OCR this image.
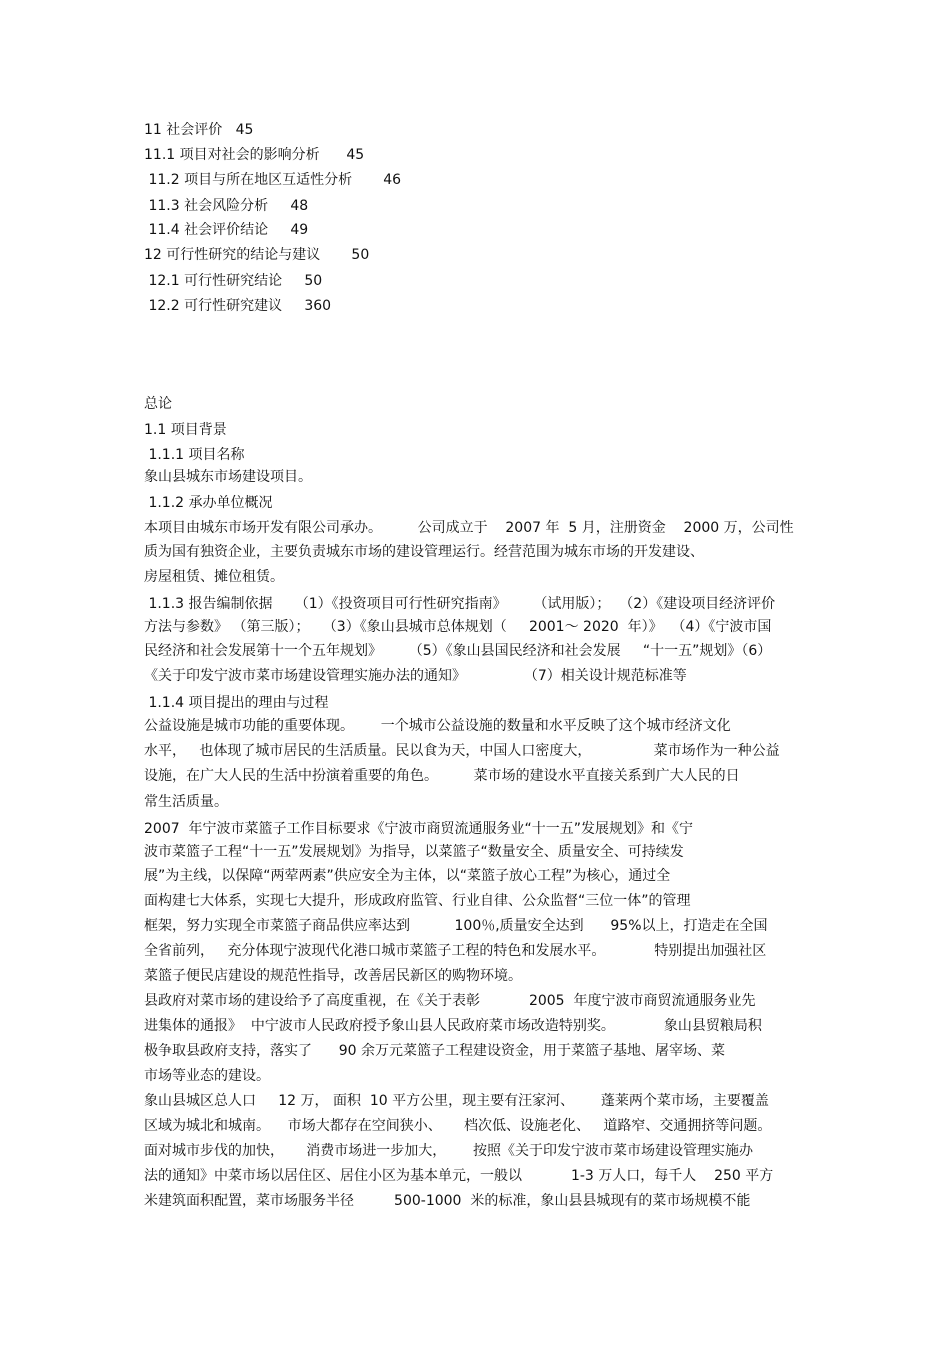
11 社会评价   45
11.1 项目对社会的影响分析      45
11.2 项目与所在地区互适性分析       46
11.3 社会风险分析     48
11.4 社会评价结论     49
12 可行性研究的结论与建议       50
12.1 可行性研究结论     50
12.2 可行性研究建议     360
总论
1.1 项目背景
1.1.1 项目名称
象山县城东市场建设项目。
1.1.2 承办单位概况
本项目由城东市场开发有限公司承办。        公司成立于    2007 年  5 月，注册资金    2000 万，公司性
质为国有独资企业，主要负责城东市场的建设管理运行。经营范围为城东市场的开发建设、
房屋租赁、摊位租赁。
1.1.3 报告编制依据     （1）《投资项目可行性研究指南》      （试用版）；  （2）《建设项目经济评价
方法与参数》 （第三版）；   （3）《象山县城市总体规划（     2001～ 2020  年）》  （4）《宁波市国
民经济和社会发展第十一个五年规划》      （5）《象山县国民经济和社会发展     “十一五”规划》（6）
《关于印发宁波市菜市场建设管理实施办法的通知》             （7）相关设计规范标准等
1.1.4 项目提出的理由与过程
公益设施是城市功能的重要体现。      一个城市公益设施的数量和水平反映了这个城市经济文化
水平，   也体现了城市居民的生活质量。民以食为天，中国人口密度大，              菜市场作为一种公益
设施，在广大人民的生活中扮演着重要的角色。        菜市场的建设水平直接关系到广大人民的日
常生活质量。
2007  年宁波市菜篮子工作目标要求《宁波市商贸流通服务业“十一五”发展规划》和《宁
波市菜篮子工程“十一五”发展规划》为指导，以菜篮子“数量安全、质量安全、可持续发
展”为主线，以保障“两荤两素”供应安全为主体，以“菜篮子放心工程”为核心，通过全
面构建七大体系，实现七大提升，形成政府监管、行业自律、公众监督“三位一体”的管理
框架，努力实现全市菜篮子商品供应率达到          100％,质量安全达到      95%以上，打造走在全国
全省前列，   充分体现宁波现代化港口城市菜篮子工程的特色和发展水平。           特别提出加强社区
菜篮子便民店建设的规范性指导，改善居民新区的购物环境。
县政府对菜市场的建设给予了高度重视，在《关于表彰           2005  年度宁波市商贸流通服务业先
进集体的通报》  中宁波市人民政府授予象山县人民政府菜市场改造特别奖。           象山县贸粮局积
极争取县政府支持，落实了      90 余万元菜篮子工程建设资金，用于菜篮子基地、屠宰场、菜
市场等业态的建设。
象山县城区总人口     12 万， 面积  10 平方公里，现主要有汪家河、      蓬莱两个菜市场，主要覆盖
区域为城北和城南。    市场大都存在空间狭小、     档次低、设施老化、   道路窄、交通拥挤等问题。
面对城市步伐的加快，     消费市场进一步加大，      按照《关于印发宁波市菜市场建设管理实施办
法的通知》中菜市场以居住区、居住小区为基本单元，一般以           1-3 万人口，每千人    250 平方
米建筑面积配置，菜市场服务半径         500-1000  米的标准，象山县县城现有的菜市场规模不能
